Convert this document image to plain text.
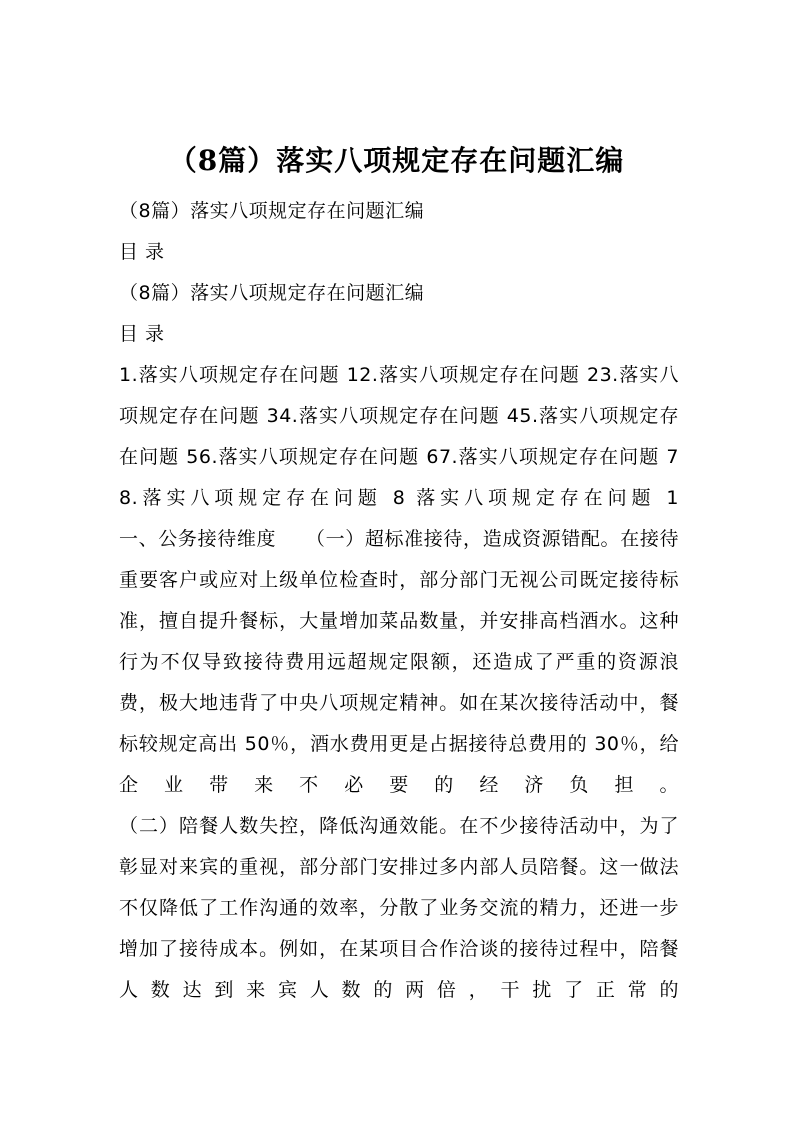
（8篇）落实八项规定存在问题汇编

（8篇）落实八项规定存在问题汇编

目 录

（8篇）落实八项规定存在问题汇编

目 录

1.落实八项规定存在问题 12.落实八项规定存在问题 23.落实八项规定存在问题 34.落实八项规定存在问题 45.落实八项规定存在问题 56.落实八项规定存在问题 67.落实八项规定存在问题 78.落实八项规定存在问题 8 落实八项规定存在问题 1

一、公务接待维度　　（一）超标准接待，造成资源错配。在接待重要客户或应对上级单位检查时，部分部门无视公司既定接待标准，擅自提升餐标，大量增加菜品数量，并安排高档酒水。这种行为不仅导致接待费用远超规定限额，还造成了严重的资源浪费，极大地违背了中央八项规定精神。如在某次接待活动中，餐标较规定高出 50％，酒水费用更是占据接待总费用的 30％，给企业带来不必要的经济负担。

（二）陪餐人数失控，降低沟通效能。在不少接待活动中，为了彰显对来宾的重视，部分部门安排过多内部人员陪餐。这一做法不仅降低了工作沟通的效率，分散了业务交流的精力，还进一步增加了接待成本。例如，在某项目合作洽谈的接待过程中，陪餐人数达到来宾人数的两倍，干扰了正常的
